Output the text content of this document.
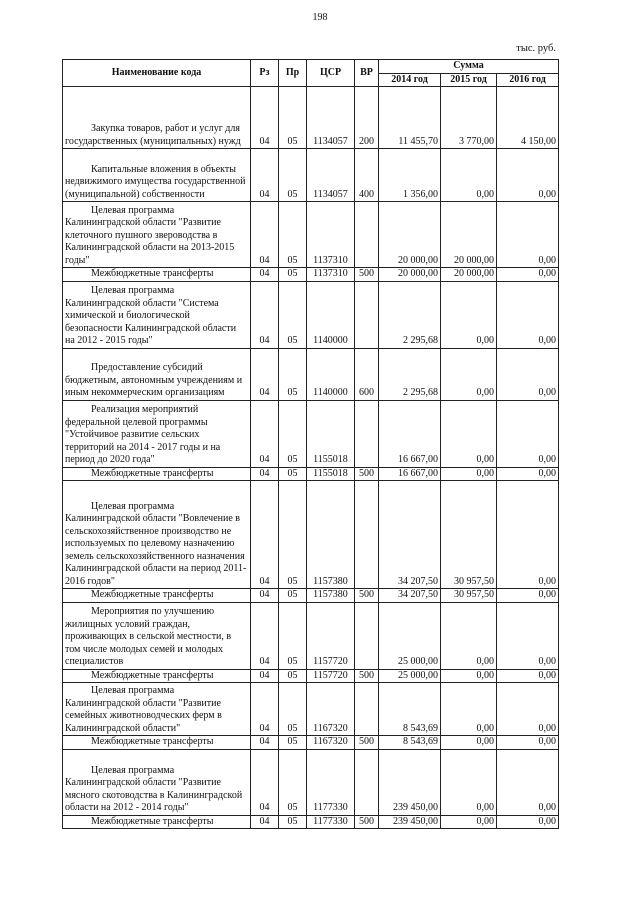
198
тыс. руб.
Наименование кода	Рз	Пр	ЦСР	ВР	Сумма		
					2014 год	2015 год	2016 год

Закупка товаров, работ и услуг для государственных (муниципальных) нужд	04	05	1134057	200	11 455,70	3 770,00	4 150,00

Капитальные вложения в объекты недвижимого имущества государственной (муниципальной) собственности	04	05	1134057	400	1 356,00	0,00	0,00

Целевая программа Калининградской области "Развитие клеточного пушного звероводства в Калининградской области на 2013-2015 годы"	04	05	1137310		20 000,00	20 000,00	0,00

Межбюджетные трансферты	04	05	1137310	500	20 000,00	20 000,00	0,00

Целевая программа Калининградской области "Система химической и биологической безопасности Калининградской области на 2012 - 2015 годы"	04	05	1140000		2 295,68	0,00	0,00

Предоставление субсидий бюджетным, автономным учреждениям и иным некоммерческим организациям	04	05	1140000	600	2 295,68	0,00	0,00

Реализация мероприятий федеральной целевой программы "Устойчивое развитие сельских территорий на 2014 - 2017 годы и на период до 2020 года"	04	05	1155018		16 667,00	0,00	0,00

Межбюджетные трансферты	04	05	1155018	500	16 667,00	0,00	0,00

Целевая программа Калининградской области "Вовлечение в сельскохозяйственное производство не используемых по целевому назначению земель сельскохозяйственного назначения Калининградской области на период 2011-2016 годов"	04	05	1157380		34 207,50	30 957,50	0,00

Межбюджетные трансферты	04	05	1157380	500	34 207,50	30 957,50	0,00

Мероприятия по улучшению жилищных условий граждан, проживающих в сельской местности, в том числе молодых семей и молодых специалистов	04	05	1157720		25 000,00	0,00	0,00

Межбюджетные трансферты	04	05	1157720	500	25 000,00	0,00	0,00

Целевая программа Калининградской области "Развитие семейных животноводческих ферм в Калининградской области"	04	05	1167320		8 543,69	0,00	0,00

Межбюджетные трансферты	04	05	1167320	500	8 543,69	0,00	0,00

Целевая программа Калининградской области "Развитие мясного скотоводства в Калининградской области на 2012 - 2014 годы"	04	05	1177330		239 450,00	0,00	0,00

Межбюджетные трансферты	04	05	1177330	500	239 450,00	0,00	0,00
